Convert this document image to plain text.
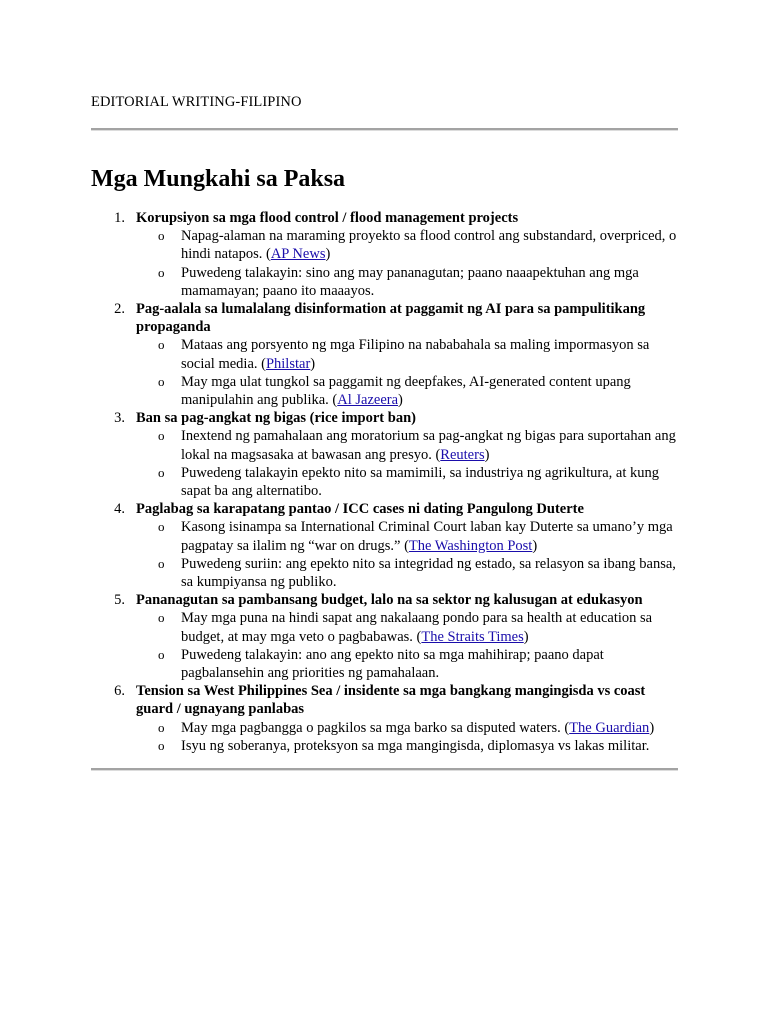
EDITORIAL WRITING-FILIPINO
Mga Mungkahi sa Paksa
1. Korupsiyon sa mga flood control / flood management projects
o Napag-alaman na maraming proyekto sa flood control ang substandard, overpriced, o hindi natapos. (AP News)
o Puwedeng talakayin: sino ang may pananagutan; paano naaapektuhan ang mga mamamayan; paano ito maaayos.
2. Pag-aalala sa lumalalang disinformation at paggamit ng AI para sa pampulitikang propaganda
o Mataas ang porsyento ng mga Filipino na nababahala sa maling impormasyon sa social media. (Philstar)
o May mga ulat tungkol sa paggamit ng deepfakes, AI-generated content upang manipulahin ang publika. (Al Jazeera)
3. Ban sa pag-angkat ng bigas (rice import ban)
o Inextend ng pamahalaan ang moratorium sa pag-angkat ng bigas para suportahan ang lokal na magsasaka at bawasan ang presyo. (Reuters)
o Puwedeng talakayin epekto nito sa mamimili, sa industriya ng agrikultura, at kung sapat ba ang alternatibo.
4. Paglabag sa karapatang pantao / ICC cases ni dating Pangulong Duterte
o Kasong isinampa sa International Criminal Court laban kay Duterte sa umano’y mga pagpatay sa ilalim ng “war on drugs.” (The Washington Post)
o Puwedeng suriin: ang epekto nito sa integridad ng estado, sa relasyon sa ibang bansa, sa kumpiyansa ng publiko.
5. Pananagutan sa pambansang budget, lalo na sa sektor ng kalusugan at edukasyon
o May mga puna na hindi sapat ang nakalaang pondo para sa health at education sa budget, at may mga veto o pagbabawas. (The Straits Times)
o Puwedeng talakayin: ano ang epekto nito sa mga mahihirap; paano dapat pagbalansehin ang priorities ng pamahalaan.
6. Tension sa West Philippines Sea / insidente sa mga bangkang mangingisda vs coast guard / ugnayang panlabas
o May mga pagbangga o pagkilos sa mga barko sa disputed waters. (The Guardian)
o Isyu ng soberanya, proteksyon sa mga mangingisda, diplomasya vs lakas militar.
